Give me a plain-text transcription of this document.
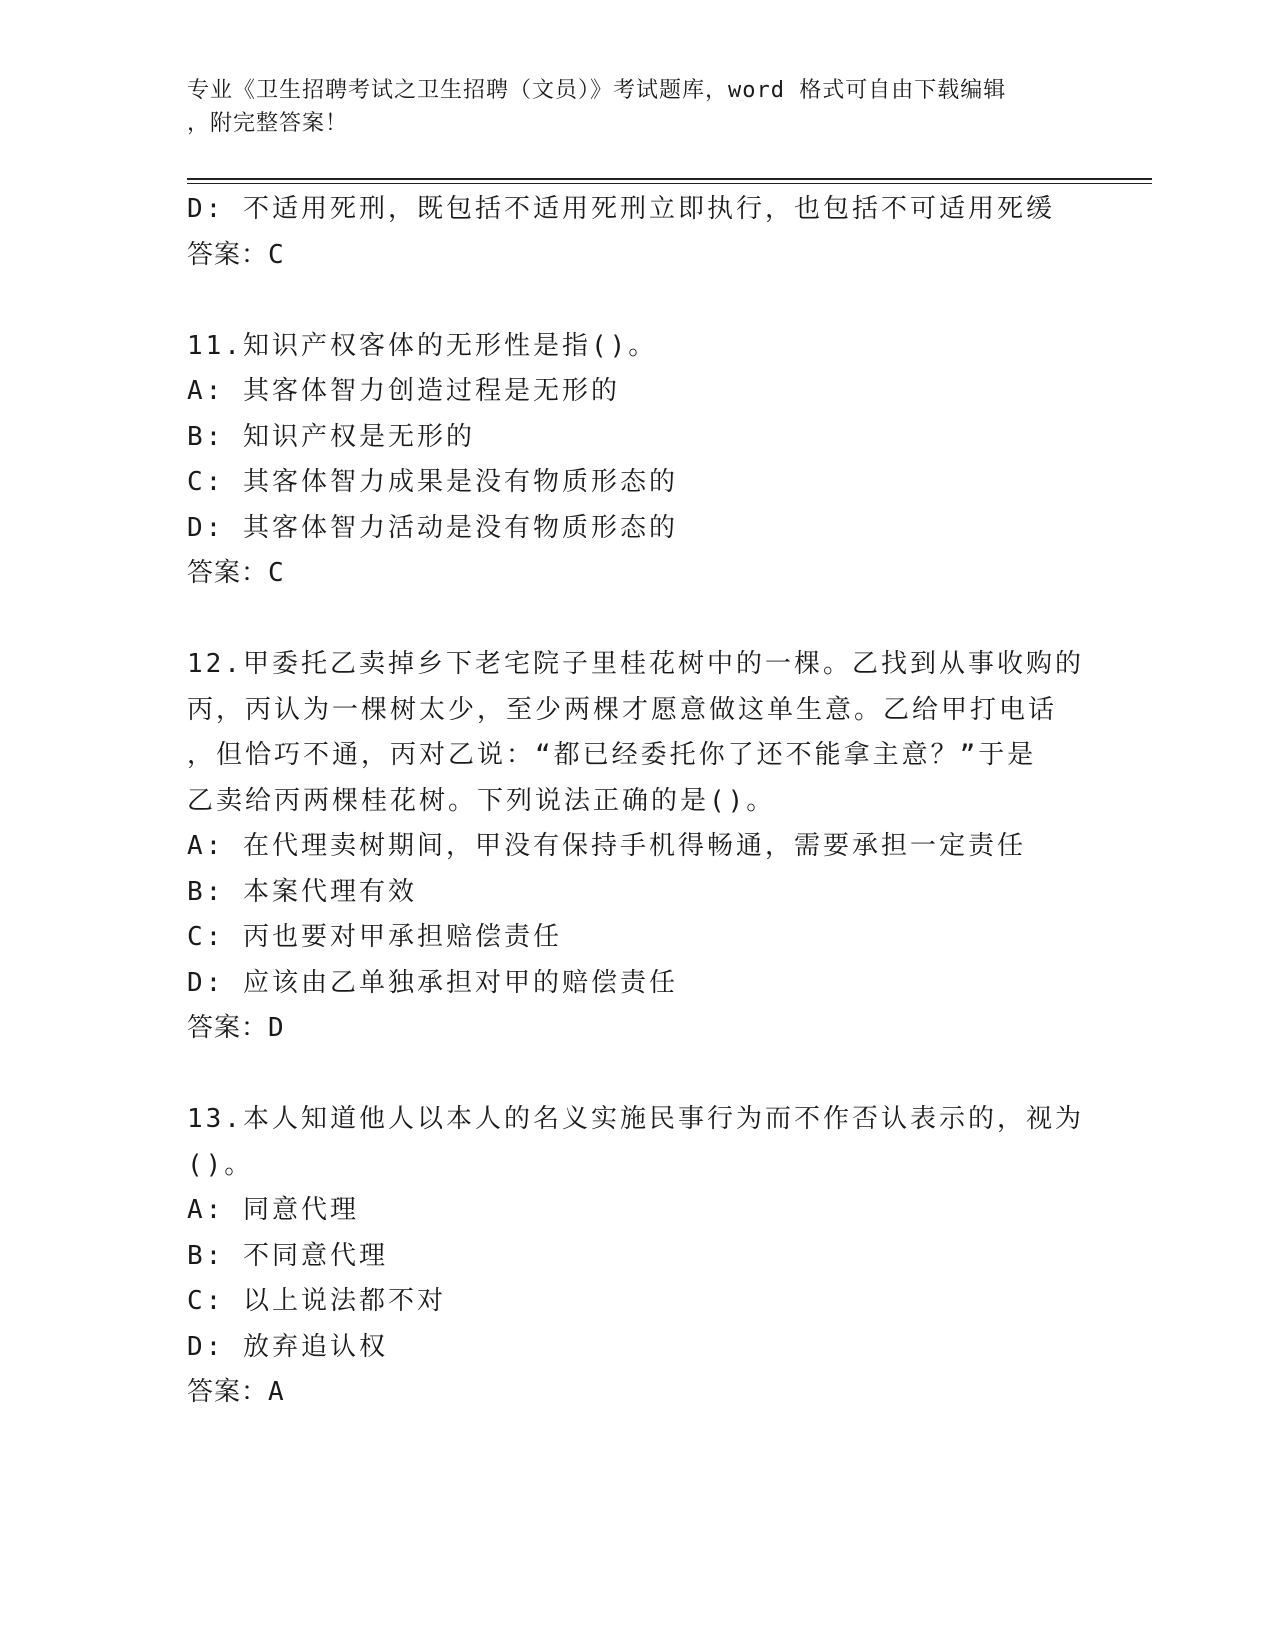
专业《卫生招聘考试之卫生招聘（文员）》考试题库，word 格式可自由下载编辑
，附完整答案！
D: 不适用死刑，既包括不适用死刑立即执行，也包括不可适用死缓
答案：C
11.知识产权客体的无形性是指()。
A: 其客体智力创造过程是无形的
B: 知识产权是无形的
C: 其客体智力成果是没有物质形态的
D: 其客体智力活动是没有物质形态的
答案：C
12.甲委托乙卖掉乡下老宅院子里桂花树中的一棵。乙找到从事收购的
丙，丙认为一棵树太少，至少两棵才愿意做这单生意。乙给甲打电话
，但恰巧不通，丙对乙说：“都已经委托你了还不能拿主意？”于是
乙卖给丙两棵桂花树。下列说法正确的是()。
A: 在代理卖树期间，甲没有保持手机得畅通，需要承担一定责任
B: 本案代理有效
C: 丙也要对甲承担赔偿责任
D: 应该由乙单独承担对甲的赔偿责任
答案：D
13.本人知道他人以本人的名义实施民事行为而不作否认表示的，视为
()。
A: 同意代理
B: 不同意代理
C: 以上说法都不对
D: 放弃追认权
答案：A
